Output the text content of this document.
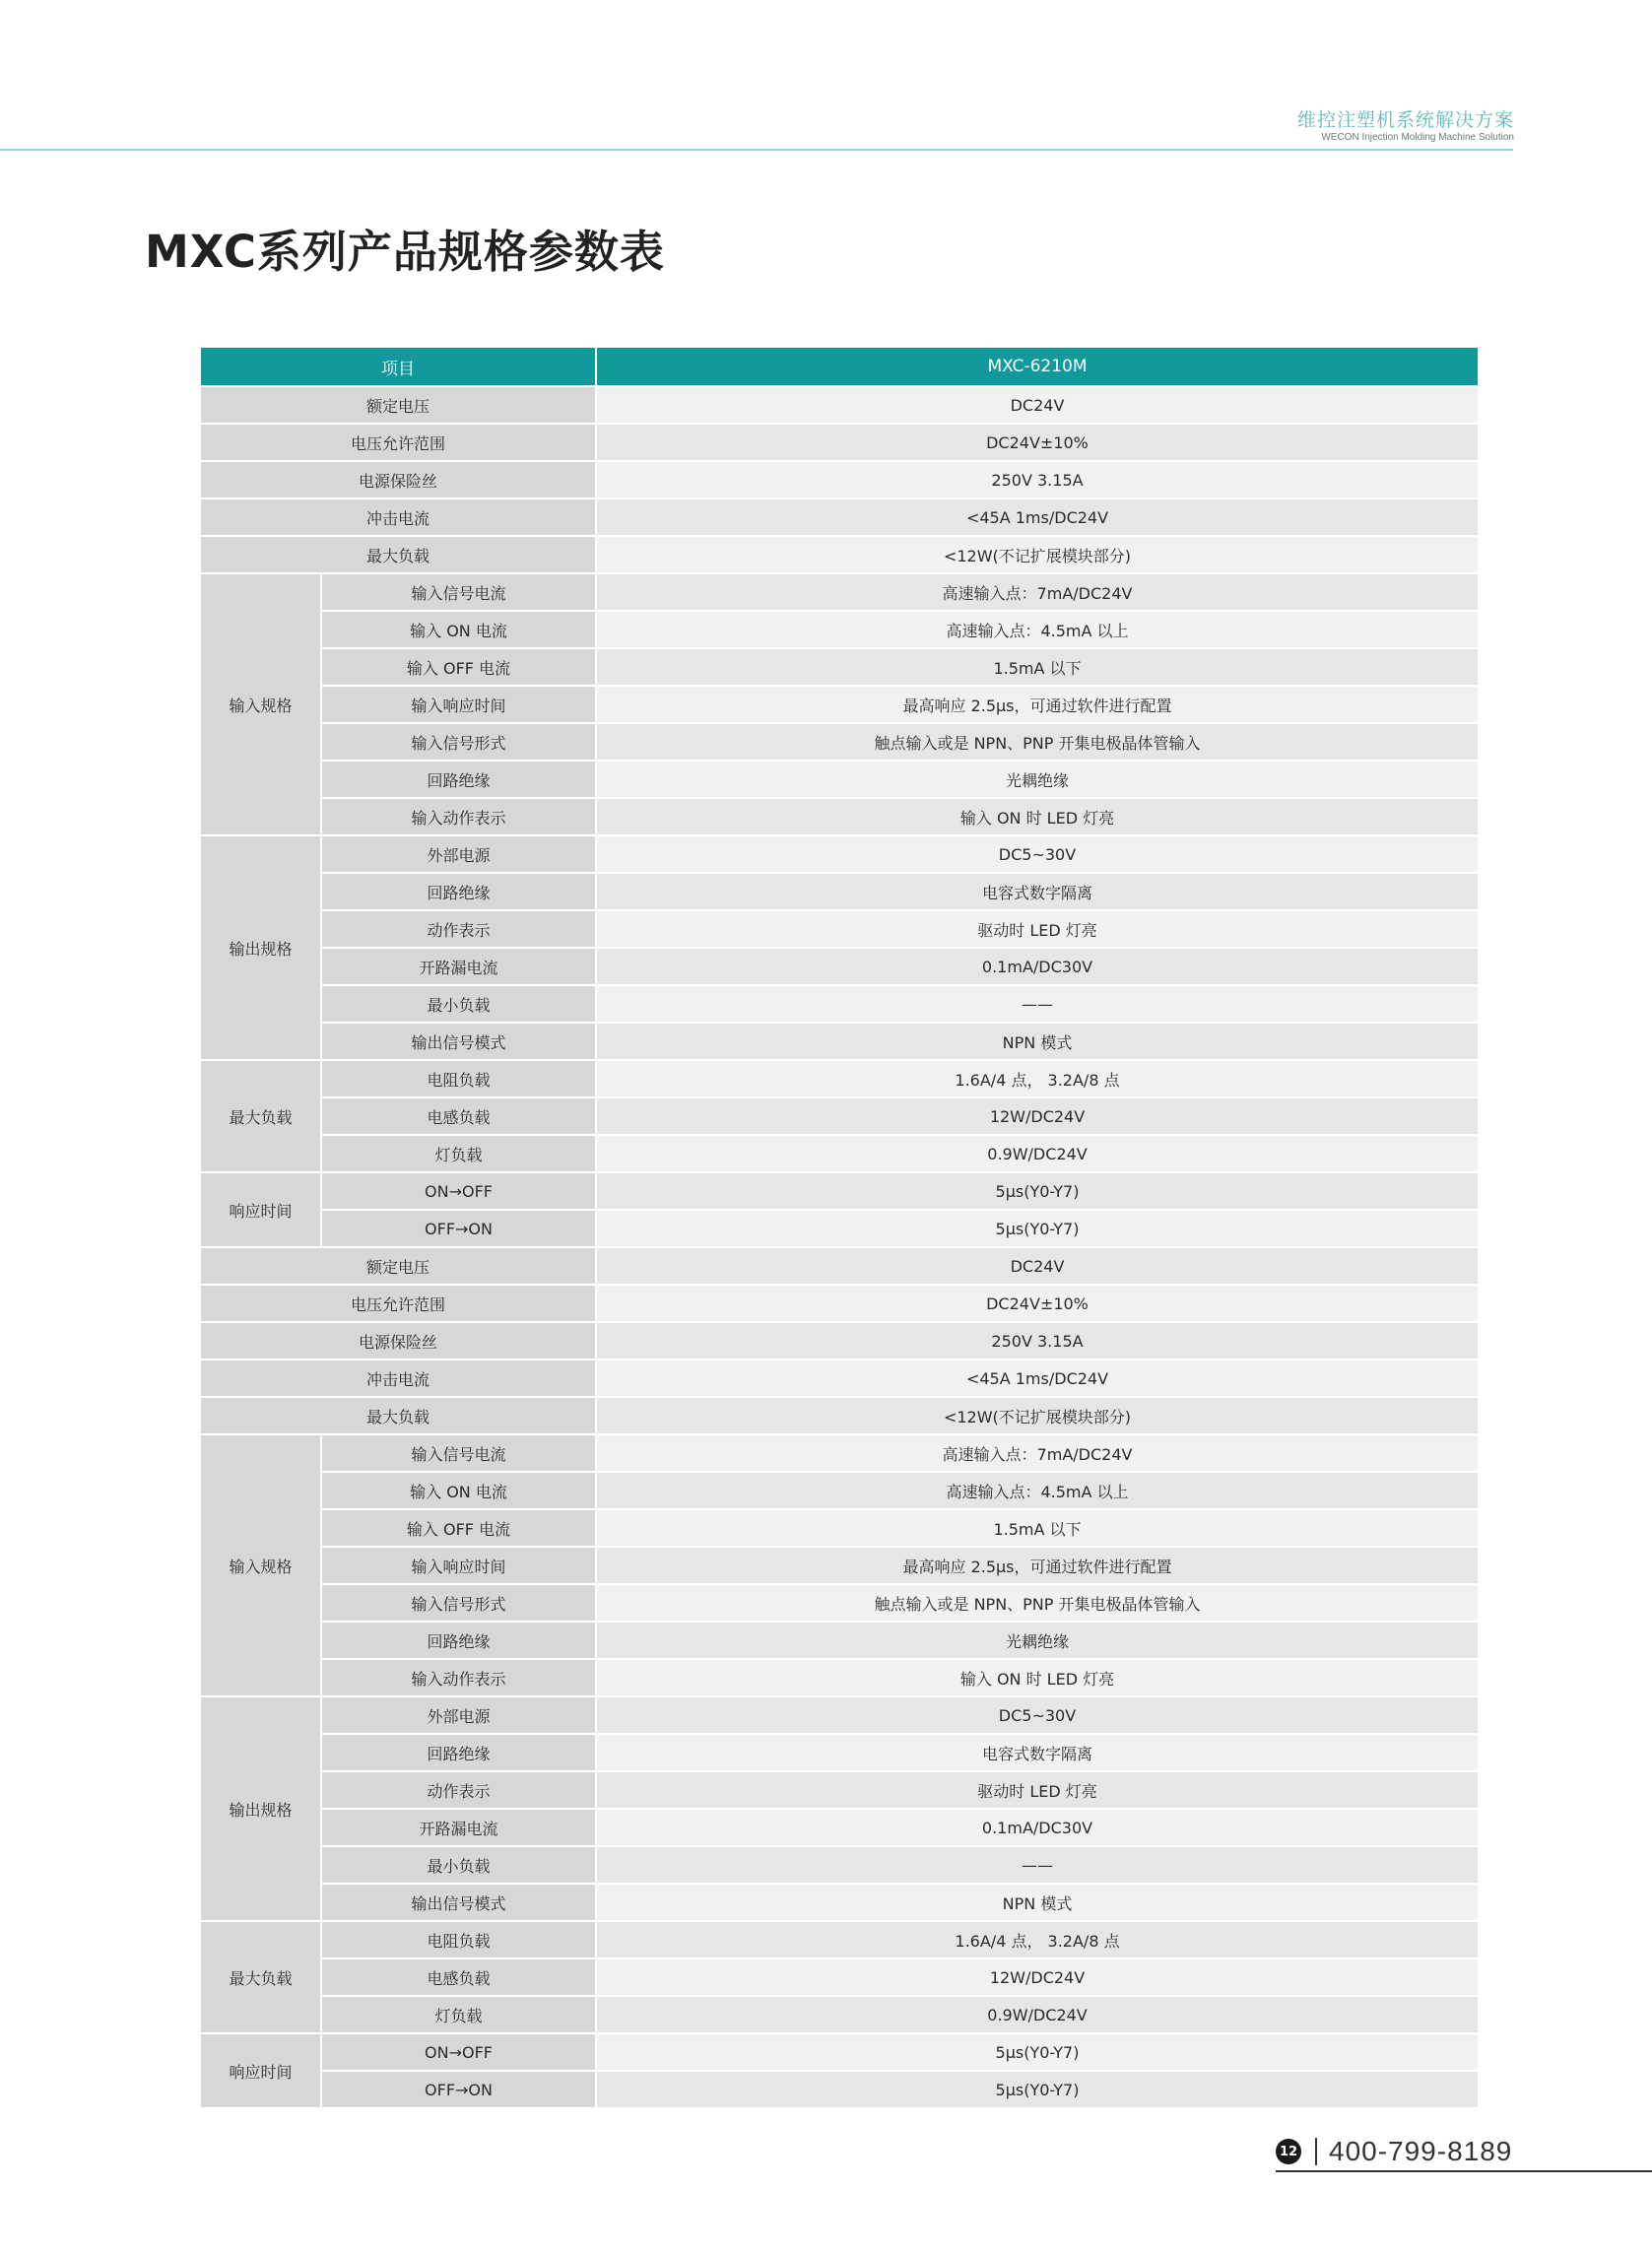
维控注塑机系统解决方案
WECON Injection Molding Machine Solution
MXC系列产品规格参数表
项目		MXC-6210M
额定电压		DC24V
电压允许范围		DC24V±10%
电源保险丝		250V 3.15A
冲击电流		<45A 1ms/DC24V
最大负载		<12W(不记扩展模块部分)
输入规格	输入信号电流	高速输入点：7mA/DC24V
	输入 ON 电流	高速输入点：4.5mA 以上
	输入 OFF 电流	1.5mA 以下
	输入响应时间	最高响应 2.5μs，可通过软件进行配置
	输入信号形式	触点输入或是 NPN、PNP 开集电极晶体管输入
	回路绝缘	光耦绝缘
	输入动作表示	输入 ON 时 LED 灯亮
输出规格	外部电源	DC5~30V
	回路绝缘	电容式数字隔离
	动作表示	驱动时 LED 灯亮
	开路漏电流	0.1mA/DC30V
	最小负载	——
	输出信号模式	NPN 模式
最大负载	电阻负载	1.6A/4 点， 3.2A/8 点
	电感负载	12W/DC24V
	灯负载	0.9W/DC24V
响应时间	ON→OFF	5μs(Y0-Y7)
	OFF→ON	5μs(Y0-Y7)
额定电压		DC24V
电压允许范围		DC24V±10%
电源保险丝		250V 3.15A
冲击电流		<45A 1ms/DC24V
最大负载		<12W(不记扩展模块部分)
输入规格	输入信号电流	高速输入点：7mA/DC24V
	输入 ON 电流	高速输入点：4.5mA 以上
	输入 OFF 电流	1.5mA 以下
	输入响应时间	最高响应 2.5μs，可通过软件进行配置
	输入信号形式	触点输入或是 NPN、PNP 开集电极晶体管输入
	回路绝缘	光耦绝缘
	输入动作表示	输入 ON 时 LED 灯亮
输出规格	外部电源	DC5~30V
	回路绝缘	电容式数字隔离
	动作表示	驱动时 LED 灯亮
	开路漏电流	0.1mA/DC30V
	最小负载	——
	输出信号模式	NPN 模式
最大负载	电阻负载	1.6A/4 点， 3.2A/8 点
	电感负载	12W/DC24V
	灯负载	0.9W/DC24V
响应时间	ON→OFF	5μs(Y0-Y7)
	OFF→ON	5μs(Y0-Y7)
12 400-799-8189
